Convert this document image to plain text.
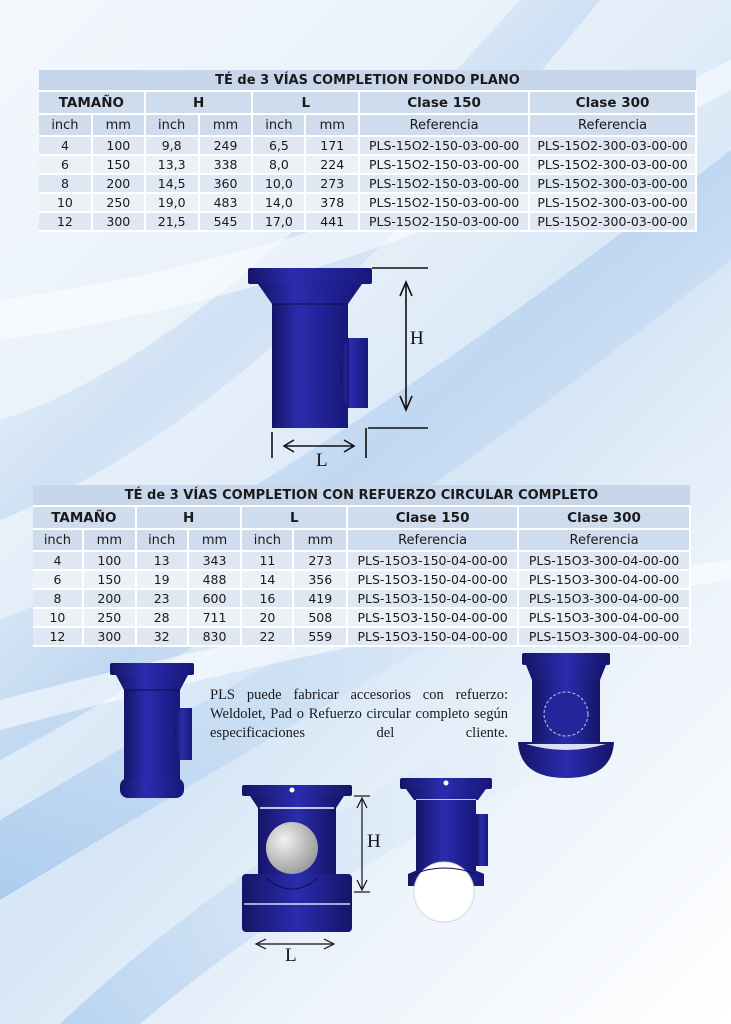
TÉ de 3 VÍAS COMPLETION FONDO PLANO							
TAMAÑO		H		L		Clase 150	Clase 300
inch	mm	inch	mm	inch	mm	Referencia	Referencia
4	100	9,8	249	6,5	171	PLS-15O2-150-03-00-00	PLS-15O2-300-03-00-00
6	150	13,3	338	8,0	224	PLS-15O2-150-03-00-00	PLS-15O2-300-03-00-00
8	200	14,5	360	10,0	273	PLS-15O2-150-03-00-00	PLS-15O2-300-03-00-00
10	250	19,0	483	14,0	378	PLS-15O2-150-03-00-00	PLS-15O2-300-03-00-00
12	300	21,5	545	17,0	441	PLS-15O2-150-03-00-00	PLS-15O2-300-03-00-00
H
L
TÉ de 3 VÍAS COMPLETION CON REFUERZO CIRCULAR COMPLETO							
TAMAÑO		H		L		Clase 150	Clase 300
inch	mm	inch	mm	inch	mm	Referencia	Referencia
4	100	13	343	11	273	PLS-15O3-150-04-00-00	PLS-15O3-300-04-00-00
6	150	19	488	14	356	PLS-15O3-150-04-00-00	PLS-15O3-300-04-00-00
8	200	23	600	16	419	PLS-15O3-150-04-00-00	PLS-15O3-300-04-00-00
10	250	28	711	20	508	PLS-15O3-150-04-00-00	PLS-15O3-300-04-00-00
12	300	32	830	22	559	PLS-15O3-150-04-00-00	PLS-15O3-300-04-00-00
PLS puede fabricar accesorios con refuerzo: Weldolet, Pad o Refuerzo circular completo según especificaciones del cliente.
H
L
